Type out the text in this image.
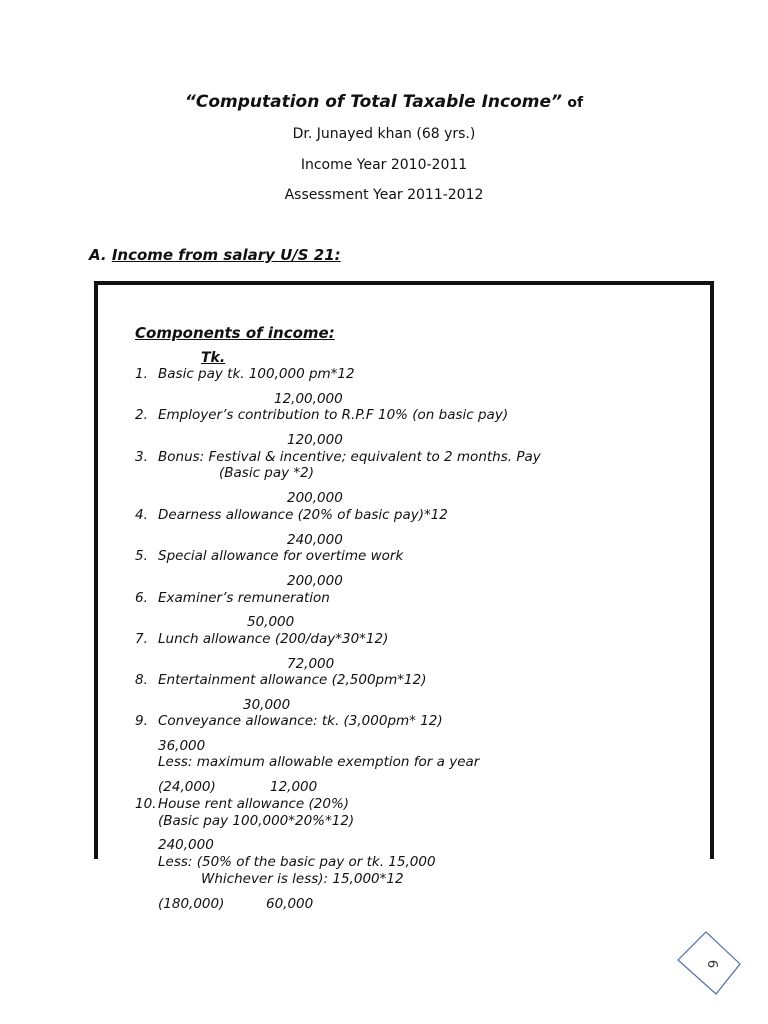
“Computation of Total Taxable Income” of
Dr. Junayed khan (68 yrs.)
Income Year 2010-2011
Assessment Year 2011-2012
A. Income from salary U/S 21:
Components of income:
Tk.
1. Basic pay tk. 100,000 pm*12
12,00,000
2. Employer’s contribution to R.P.F 10% (on basic pay)
120,000
3. Bonus: Festival & incentive; equivalent to 2 months. Pay
(Basic pay *2)
200,000
4. Dearness allowance (20% of basic pay)*12
240,000
5. Special allowance for overtime work
200,000
6. Examiner’s remuneration
50,000
7. Lunch allowance (200/day*30*12)
72,000
8. Entertainment allowance (2,500pm*12)
30,000
9. Conveyance allowance: tk. (3,000pm* 12)
36,000
Less: maximum allowable exemption for a year
(24,000)	12,000
10. House rent allowance (20%)
(Basic pay 100,000*20%*12)
240,000
Less: (50% of the basic pay or tk. 15,000
Whichever is less): 15,000*12
(180,000)	60,000
6
